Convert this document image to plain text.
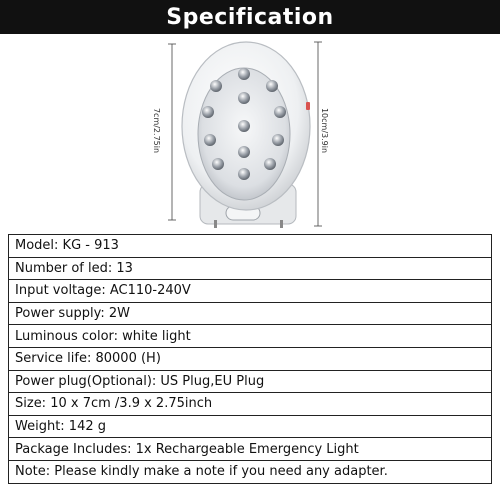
Specification
7cm/2.75in	10cm/3.9in
Model: KG - 913
Number of led: 13
Input voltage: AC110-240V
Power supply: 2W
Luminous color: white light
Service life: 80000 (H)
Power plug(Optional): US Plug,EU Plug
Size: 10 x 7cm /3.9 x 2.75inch
Weight: 142 g
Package Includes: 1x Rechargeable Emergency Light
Note: Please kindly make a note if you need any adapter.
